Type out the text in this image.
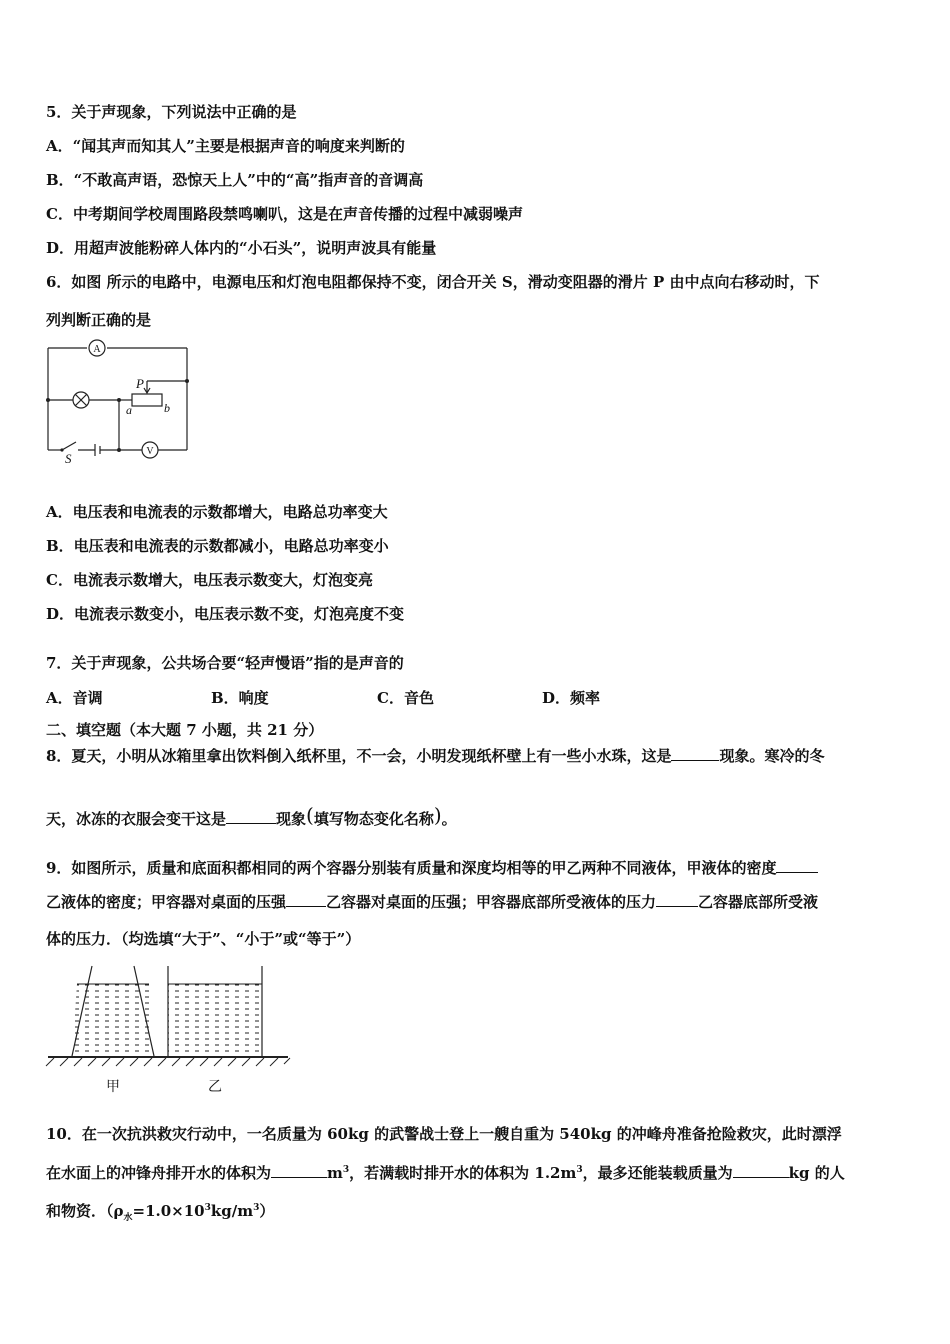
5．关于声现象，下列说法中正确的是
A．“闻其声而知其人”主要是根据声音的响度来判断的
B．“不敢高声语，恐惊天上人”中的“高”指声音的音调高
C．中考期间学校周围路段禁鸣喇叭，这是在声音传播的过程中减弱噪声
D．用超声波能粉碎人体内的“小石头”，说明声波具有能量
6．如图 所示的电路中，电源电压和灯泡电阻都保持不变，闭合开关 S，滑动变阻器的滑片 P 由中点向右移动时，下
列判断正确的是
A
V
P
a	b
S
A．电压表和电流表的示数都增大，电路总功率变大
B．电压表和电流表的示数都减小，电路总功率变小
C．电流表示数增大，电压表示数变大，灯泡变亮
D．电流表示数变小，电压表示数不变，灯泡亮度不变
7．关于声现象，公共场合要“轻声慢语”指的是声音的
A．音调	B．响度	C．音色	D．频率
二、填空题（本大题 7 小题，共 21 分）
8．夏天，小明从冰箱里拿出饮料倒入纸杯里，不一会，小明发现纸杯壁上有一些小水珠，这是	现象。寒冷的冬
天，冰冻的衣服会变干这是	现象(填写物态变化名称)。
9．如图所示，质量和底面积都相同的两个容器分别装有质量和深度均相等的甲乙两种不同液体，甲液体的密度
乙液体的密度；甲容器对桌面的压强	乙容器对桌面的压强；甲容器底部所受液体的压力	乙容器底部所受液
体的压力．（均选填“大于”、“小于”或“等于”）
甲	乙
10．在一次抗洪救灾行动中，一名质量为 60kg 的武警战士登上一艘自重为 540kg 的冲峰舟准备抢险救灾，此时漂浮
在水面上的冲锋舟排开水的体积为	$m^3$，若满载时排开水的体积为 $1.2m^3$，最多还能装载质量为	kg 的人
和物资．$(\rho_水=1.0\times 10^3kg/m^3)$
